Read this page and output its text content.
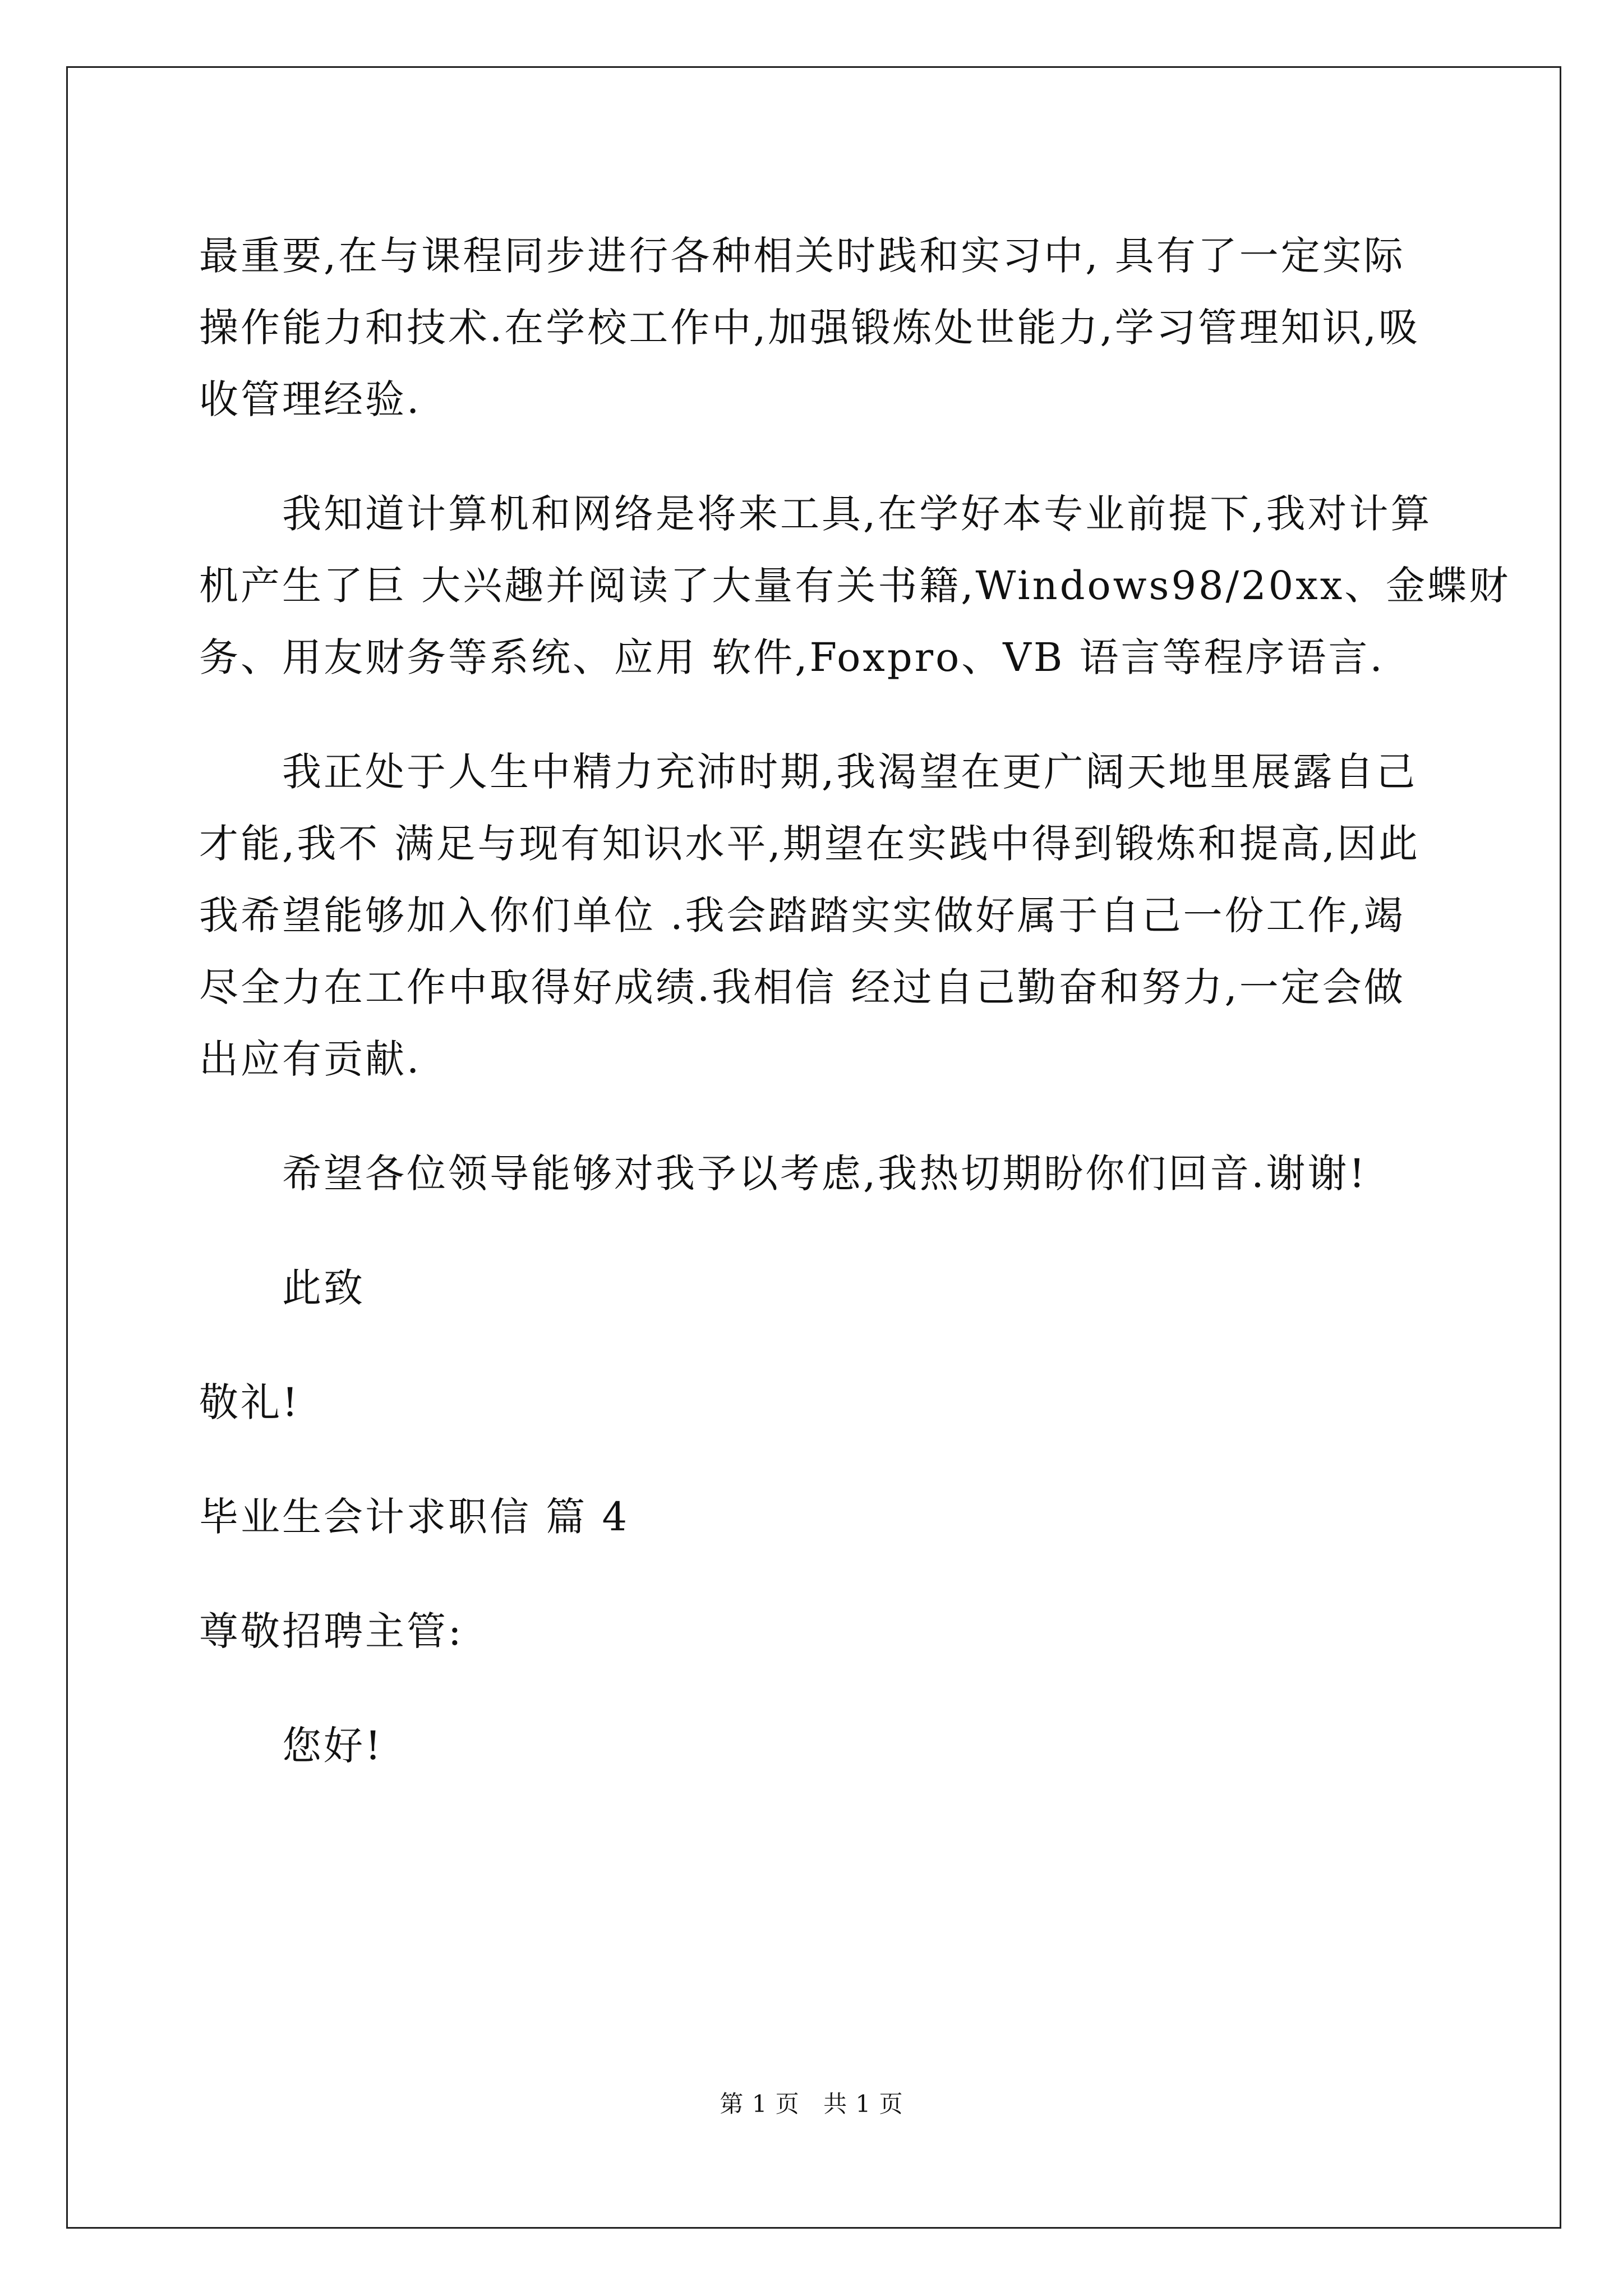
最重要,在与课程同步进行各种相关时践和实习中, 具有了一定实际
操作能力和技术.在学校工作中,加强锻炼处世能力,学习管理知识,吸
收管理经验.
我知道计算机和网络是将来工具,在学好本专业前提下,我对计算
机产生了巨 大兴趣并阅读了大量有关书籍,Windows98/20xx、金蝶财
务、用友财务等系统、应用 软件,Foxpro、VB 语言等程序语言.
我正处于人生中精力充沛时期,我渴望在更广阔天地里展露自己
才能,我不 满足与现有知识水平,期望在实践中得到锻炼和提高,因此
我希望能够加入你们单位 .我会踏踏实实做好属于自己一份工作,竭
尽全力在工作中取得好成绩.我相信 经过自己勤奋和努力,一定会做
出应有贡献.
希望各位领导能够对我予以考虑,我热切期盼你们回音.谢谢!
此致
敬礼!
毕业生会计求职信 篇 4
尊敬招聘主管:
您好!
第 1 页 共 1 页
